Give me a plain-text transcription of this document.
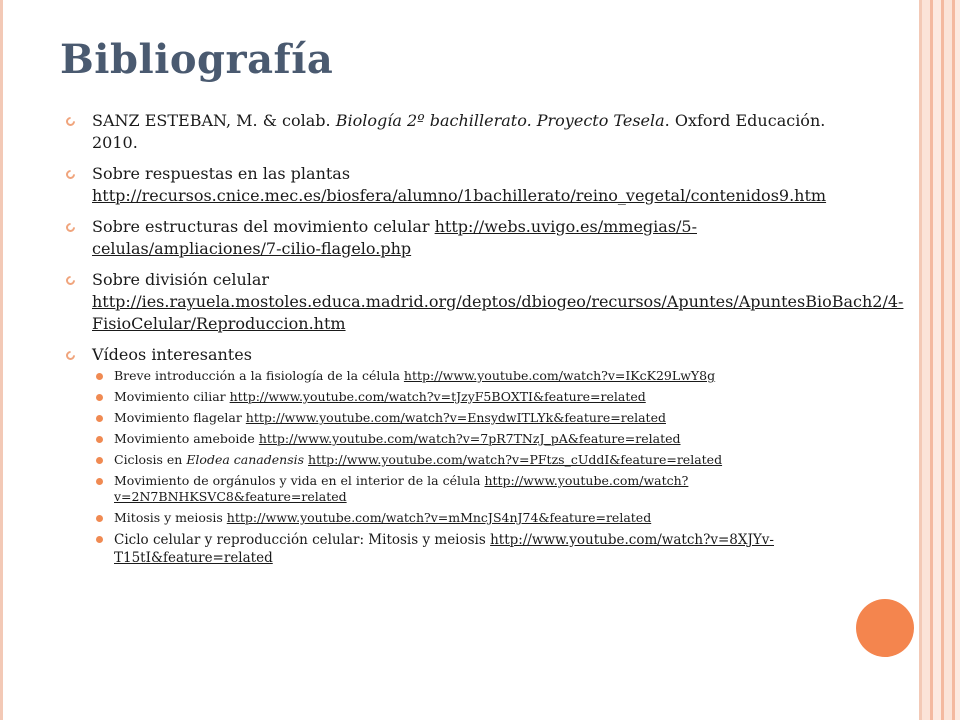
Bibliografía
SANZ ESTEBAN, M. & colab. Biología 2º bachillerato. Proyecto Tesela. Oxford Educación. 2010.
Sobre respuestas en las plantas http://recursos.cnice.mec.es/biosfera/alumno/1bachillerato/reino_vegetal/contenidos9.htm
Sobre estructuras del movimiento celular http://webs.uvigo.es/mmegias/5-celulas/ampliaciones/7-cilio-flagelo.php
Sobre división celular http://ies.rayuela.mostoles.educa.madrid.org/deptos/dbiogeo/recursos/Apuntes/ApuntesBioBach2/4-FisioCelular/Reproduccion.htm
Vídeos interesantes
Breve introducción a la fisiología de la célula http://www.youtube.com/watch?v=IKcK29LwY8g
Movimiento ciliar http://www.youtube.com/watch?v=tJzyF5BOXTI&feature=related
Movimiento flagelar http://www.youtube.com/watch?v=EnsydwITLYk&feature=related
Movimiento ameboide http://www.youtube.com/watch?v=7pR7TNzJ_pA&feature=related
Ciclosis en Elodea canadensis http://www.youtube.com/watch?v=PFtzs_cUddI&feature=related
Movimiento de orgánulos y vida en el interior de la célula http://www.youtube.com/watch?v=2N7BNHKSVC8&feature=related
Mitosis y meiosis http://www.youtube.com/watch?v=mMncJS4nJ74&feature=related
Ciclo celular y reproducción celular: Mitosis y meiosis http://www.youtube.com/watch?v=8XJYv-T15tI&feature=related
